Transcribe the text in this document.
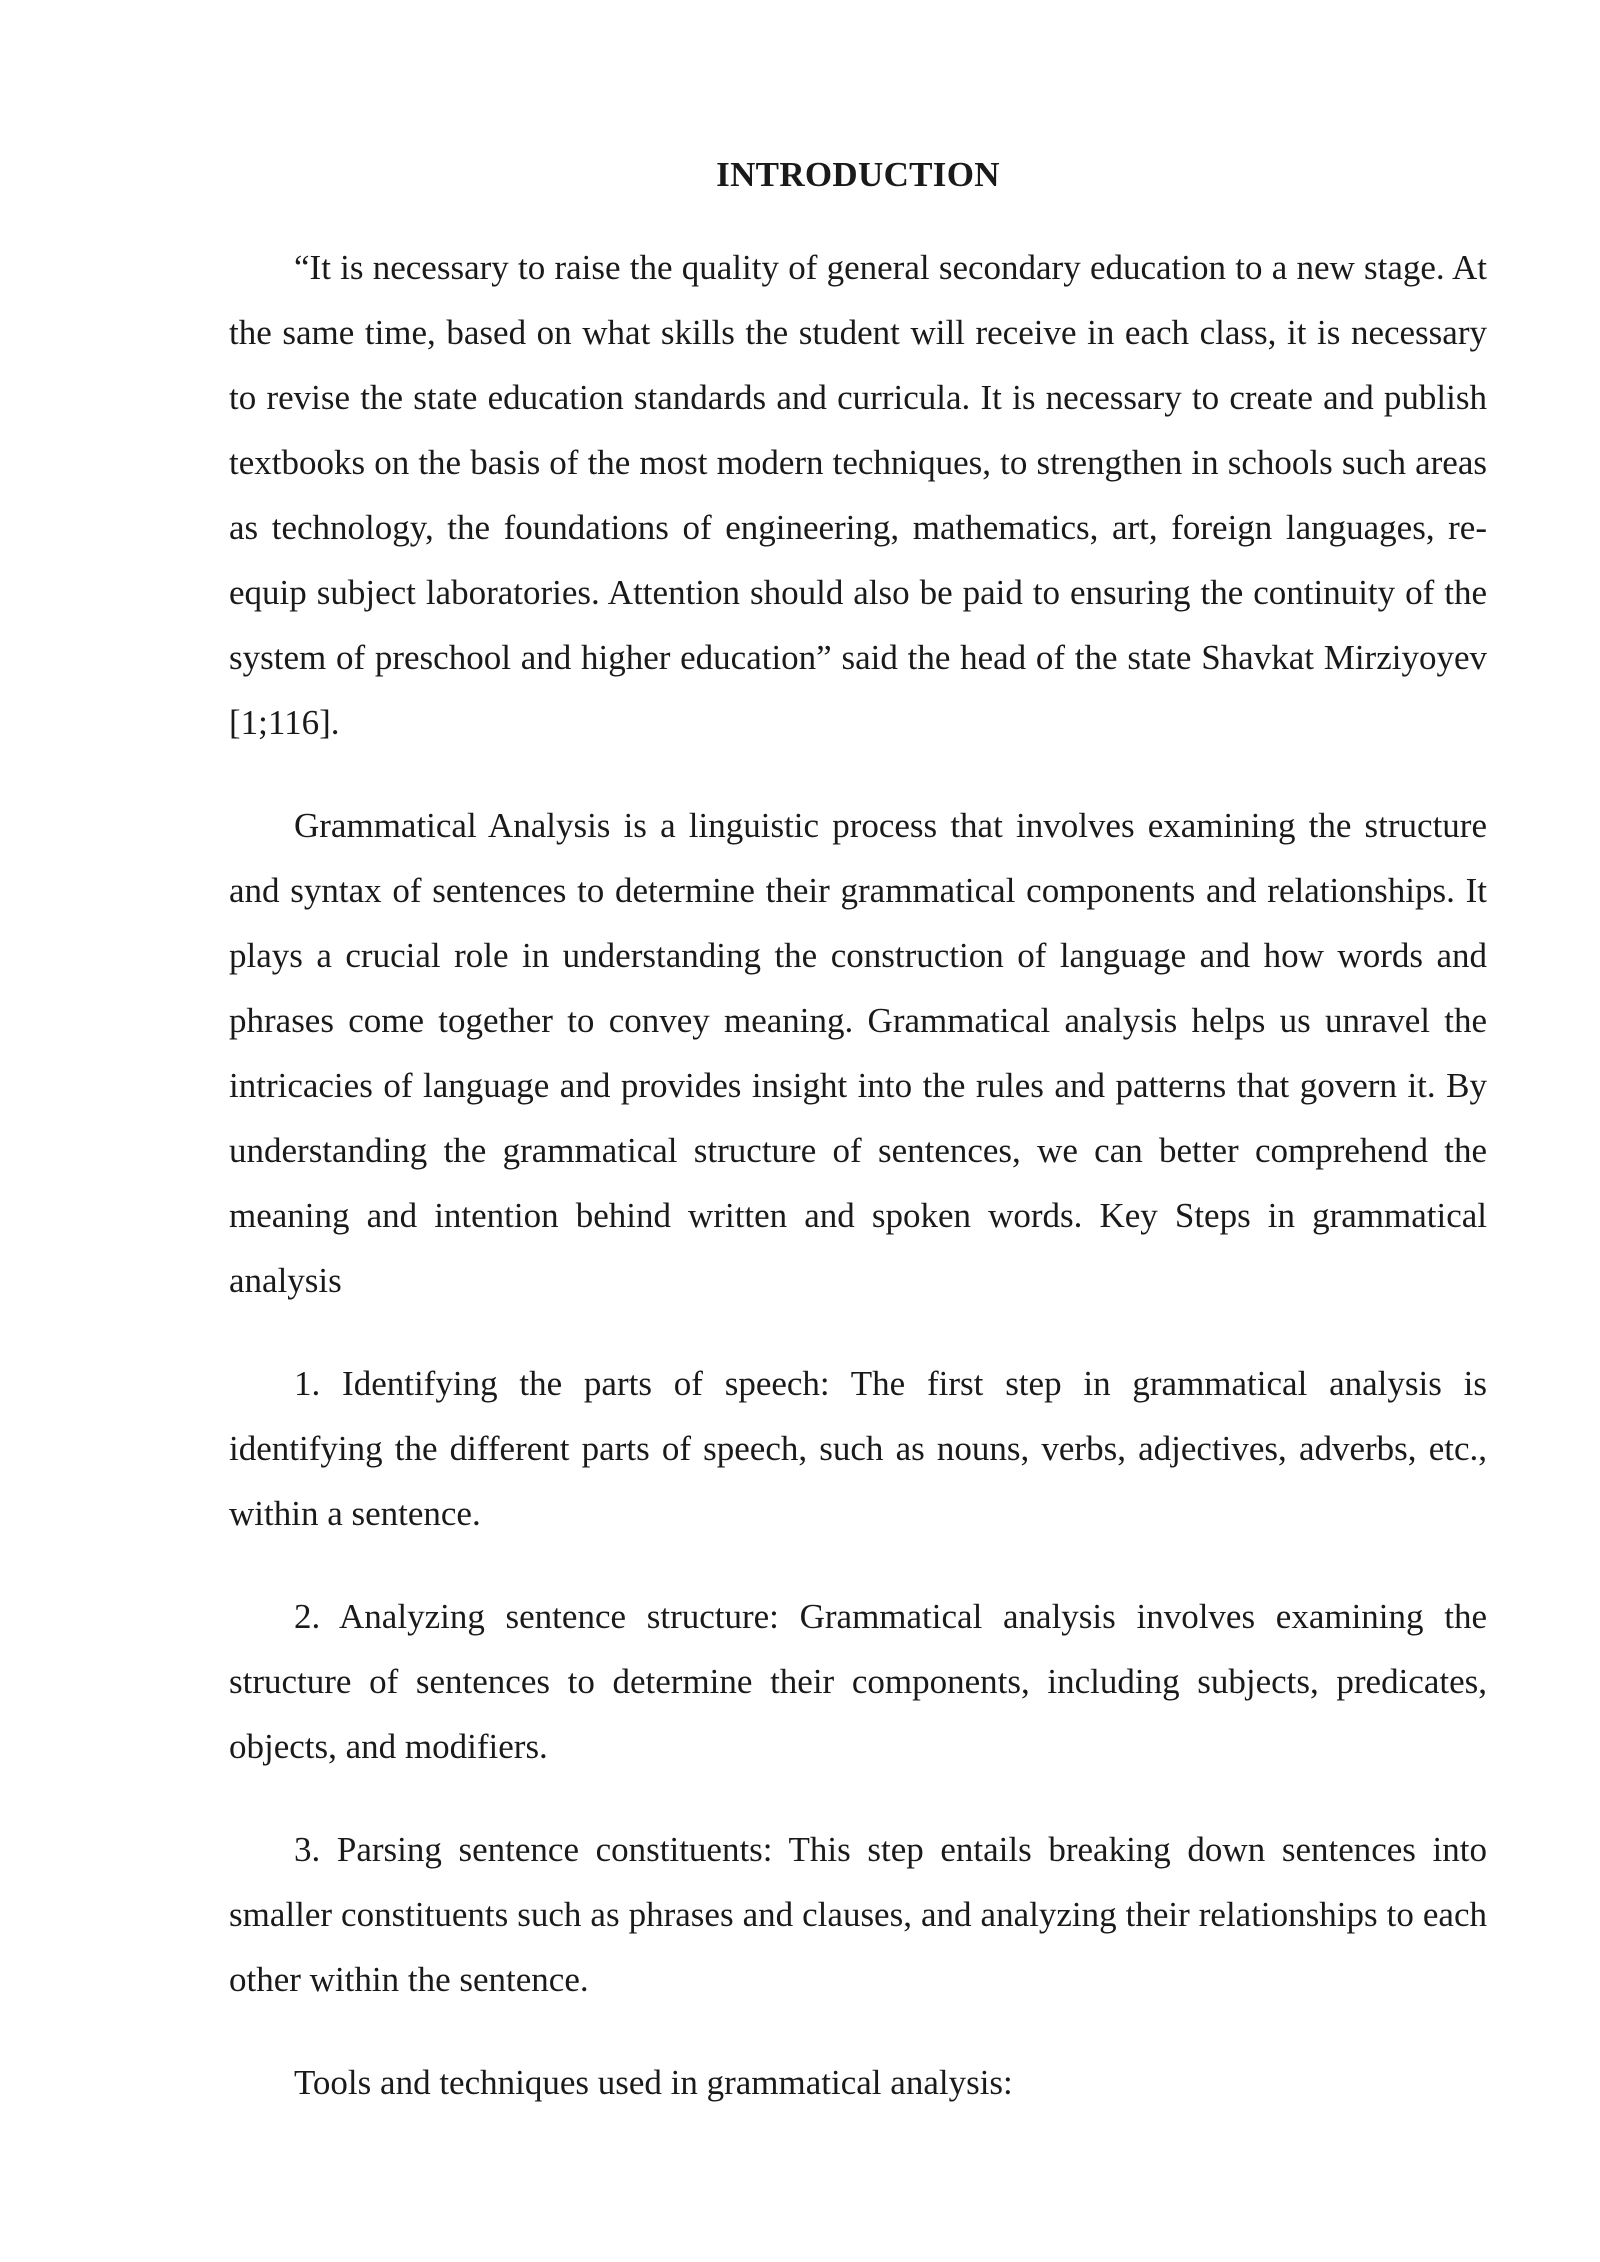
INTRODUCTION

“It is necessary to raise the quality of general secondary education to a new stage. At the same time, based on what skills the student will receive in each class, it is necessary to revise the state education standards and curricula. It is necessary to create and publish textbooks on the basis of the most modern techniques, to strengthen in schools such areas as technology, the foundations of engineering, mathematics, art, foreign languages, re-equip subject laboratories. Attention should also be paid to ensuring the continuity of the system of preschool and higher education” said the head of the state Shavkat Mirziyoyev [1;116].

Grammatical Analysis is a linguistic process that involves examining the structure and syntax of sentences to determine their grammatical components and relationships. It plays a crucial role in understanding the construction of language and how words and phrases come together to convey meaning. Grammatical analysis helps us unravel the intricacies of language and provides insight into the rules and patterns that govern it. By understanding the grammatical structure of sentences, we can better comprehend the meaning and intention behind written and spoken words. Key Steps in grammatical analysis

1. Identifying the parts of speech: The first step in grammatical analysis is identifying the different parts of speech, such as nouns, verbs, adjectives, adverbs, etc., within a sentence.

2. Analyzing sentence structure: Grammatical analysis involves examining the structure of sentences to determine their components, including subjects, predicates, objects, and modifiers.

3. Parsing sentence constituents: This step entails breaking down sentences into smaller constituents such as phrases and clauses, and analyzing their relationships to each other within the sentence.

Tools and techniques used in grammatical analysis:
